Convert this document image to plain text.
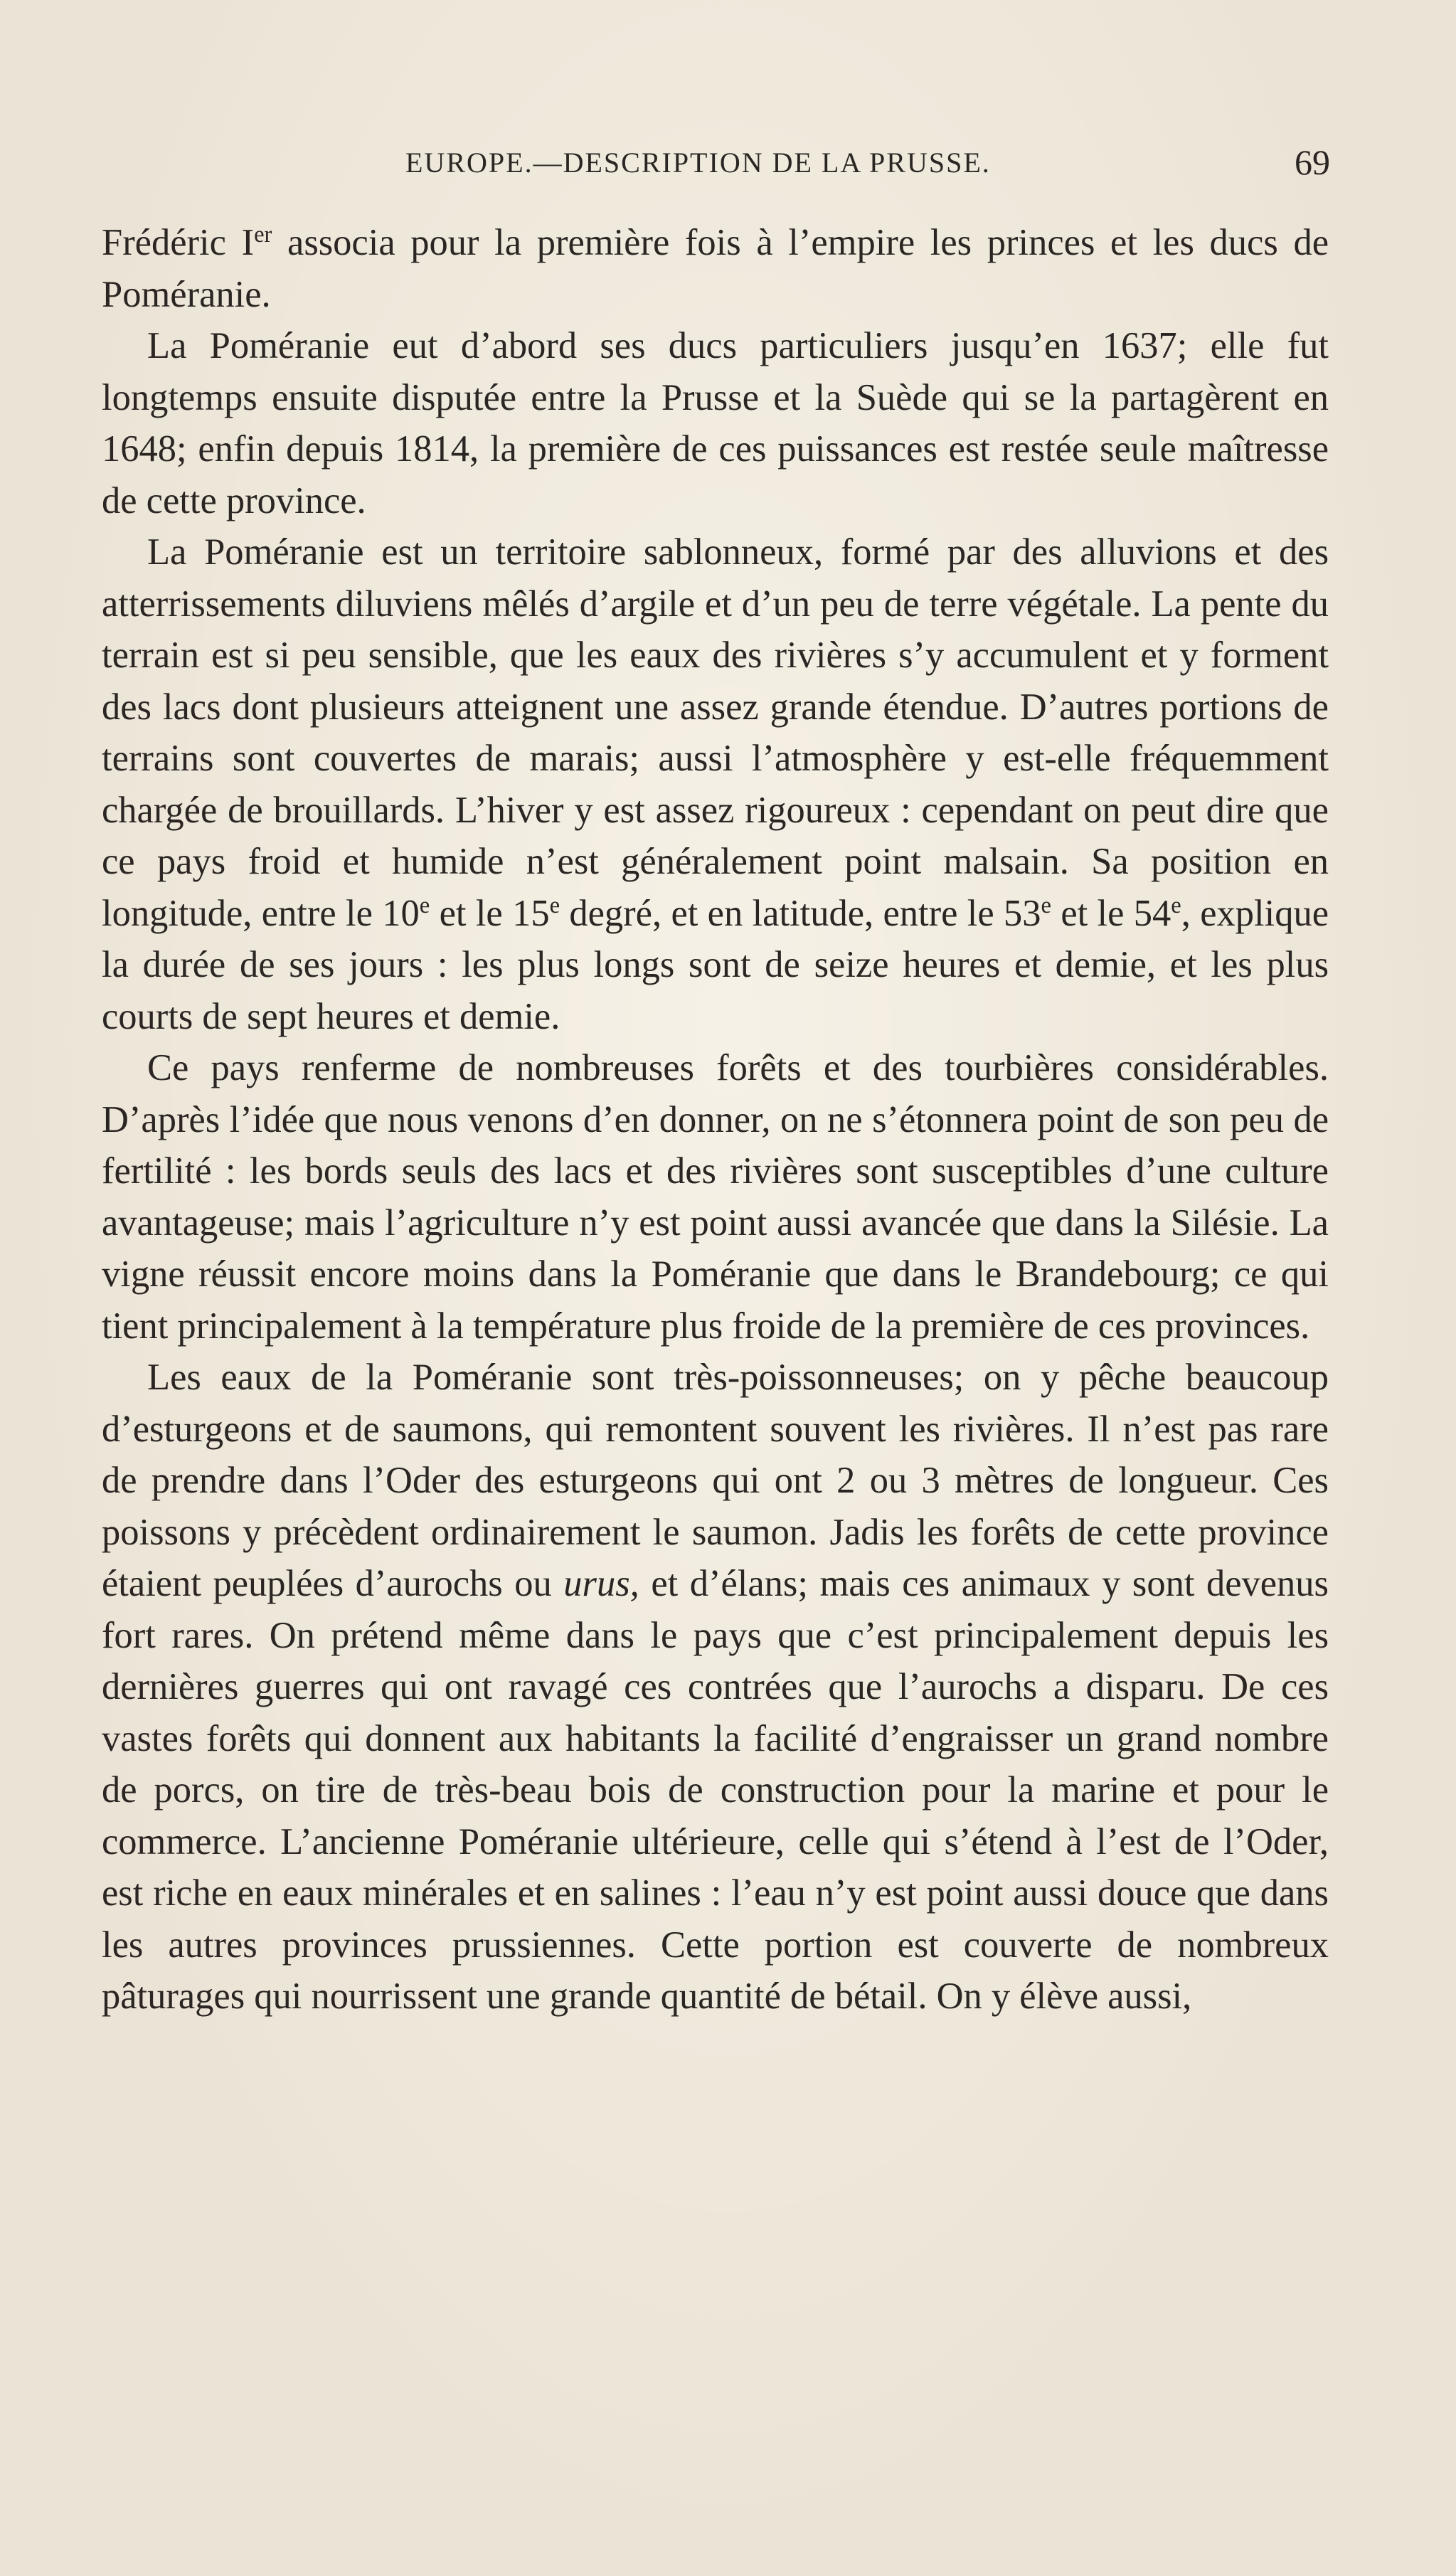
EUROPE.—DESCRIPTION DE LA PRUSSE.	69

Frédéric Ier associa pour la première fois à l’empire les princes et les ducs de Poméranie.

La Poméranie eut d’abord ses ducs particuliers jusqu’en 1637; elle fut longtemps ensuite disputée entre la Prusse et la Suède qui se la partagèrent en 1648; enfin depuis 1814, la première de ces puissances est restée seule maîtresse de cette province.

La Poméranie est un territoire sablonneux, formé par des alluvions et des atterrissements diluviens mêlés d’argile et d’un peu de terre végétale. La pente du terrain est si peu sensible, que les eaux des rivières s’y accumulent et y forment des lacs dont plusieurs atteignent une assez grande étendue. D’autres portions de terrains sont couvertes de marais; aussi l’atmosphère y est-elle fréquemment chargée de brouillards. L’hiver y est assez rigoureux : cependant on peut dire que ce pays froid et humide n’est généralement point malsain. Sa position en longitude, entre le 10e et le 15e degré, et en latitude, entre le 53e et le 54e, explique la durée de ses jours : les plus longs sont de seize heures et demie, et les plus courts de sept heures et demie.

Ce pays renferme de nombreuses forêts et des tourbières considérables. D’après l’idée que nous venons d’en donner, on ne s’étonnera point de son peu de fertilité : les bords seuls des lacs et des rivières sont susceptibles d’une culture avantageuse; mais l’agriculture n’y est point aussi avancée que dans la Silésie. La vigne réussit encore moins dans la Poméranie que dans le Brandebourg; ce qui tient principalement à la température plus froide de la première de ces provinces.

Les eaux de la Poméranie sont très-poissonneuses; on y pêche beaucoup d’esturgeons et de saumons, qui remontent souvent les rivières. Il n’est pas rare de prendre dans l’Oder des esturgeons qui ont 2 ou 3 mètres de longueur. Ces poissons y précèdent ordinairement le saumon. Jadis les forêts de cette province étaient peuplées d’aurochs ou urus, et d’élans; mais ces animaux y sont devenus fort rares. On prétend même dans le pays que c’est principalement depuis les dernières guerres qui ont ravagé ces contrées que l’aurochs a disparu. De ces vastes forêts qui donnent aux habitants la facilité d’engraisser un grand nombre de porcs, on tire de très-beau bois de construction pour la marine et pour le commerce. L’ancienne Poméranie ultérieure, celle qui s’étend à l’est de l’Oder, est riche en eaux minérales et en salines : l’eau n’y est point aussi douce que dans les autres provinces prussiennes. Cette portion est couverte de nombreux pâturages qui nourrissent une grande quantité de bétail. On y élève aussi,
